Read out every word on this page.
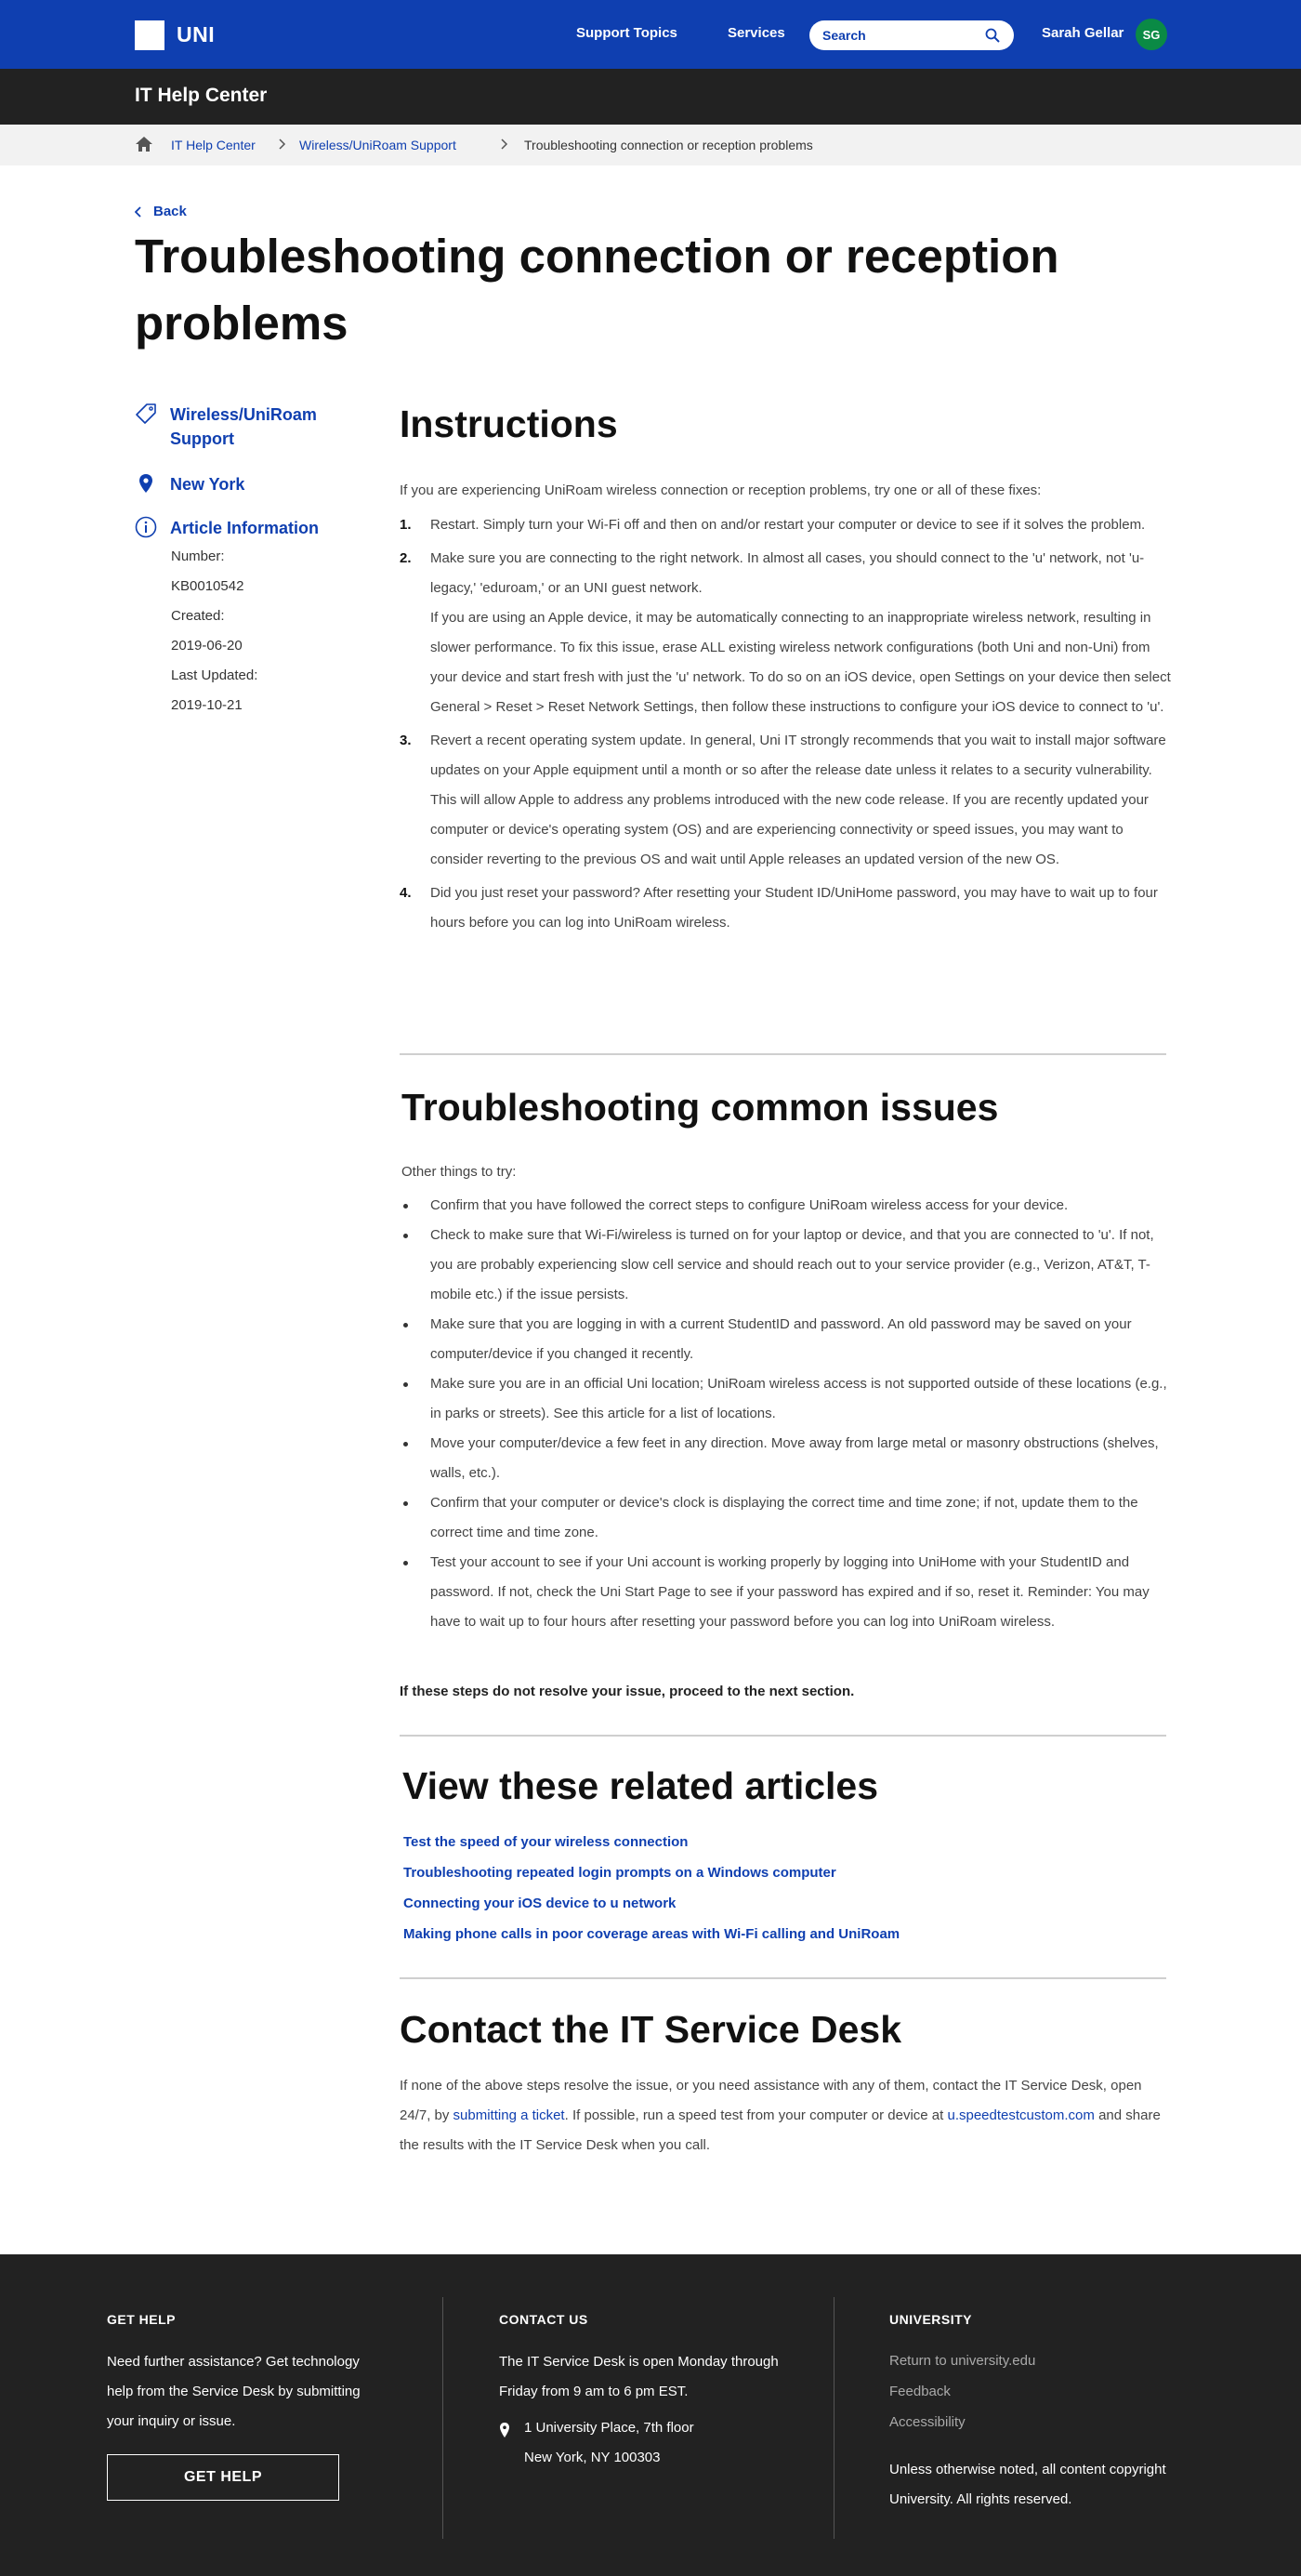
UNI	Support Topics	Services
Search	Sarah Gellar	SG
IT Help Center
IT Help Center	Wireless/UniRoam Support	Troubleshooting connection or reception problems
Back
Troubleshooting connection or reception problems
Wireless/UniRoam Support
New York
Article Information
Number:
KB0010542
Created:
2019-06-20
Last Updated:
2019-10-21
Instructions
If you are experiencing UniRoam wireless connection or reception problems, try one or all of these fixes:
1. Restart. Simply turn your Wi-Fi off and then on and/or restart your computer or device to see if it solves the problem.

2. Make sure you are connecting to the right network. In almost all cases, you should connect to the 'u' network, not 'u-legacy,' 'eduroam,' or an UNI guest network.

If you are using an Apple device, it may be automatically connecting to an inappropriate wireless network, resulting in slower performance. To fix this issue, erase ALL existing wireless network configurations (both Uni and non-Uni) from your device and start fresh with just the 'u' network. To do so on an iOS device, open Settings on your device then select General > Reset > Reset Network Settings, then follow these instructions to configure your iOS device to connect to 'u'.

3. Revert a recent operating system update. In general, Uni IT strongly recommends that you wait to install major software updates on your Apple equipment until a month or so after the release date unless it relates to a security vulnerability. This will allow Apple to address any problems introduced with the new code release. If you are recently updated your computer or device's operating system (OS) and are experiencing connectivity or speed issues, you may want to consider reverting to the previous OS and wait until Apple releases an updated version of the new OS.

4. Did you just reset your password? After resetting your Student ID/UniHome password, you may have to wait up to four hours before you can log into UniRoam wireless.

Troubleshooting common issues
Other things to try:
Confirm that you have followed the correct steps to configure UniRoam wireless access for your device.
Check to make sure that Wi-Fi/wireless is turned on for your laptop or device, and that you are connected to 'u'. If not, you are probably experiencing slow cell service and should reach out to your service provider (e.g., Verizon, AT&T, T-mobile etc.) if the issue persists.
Make sure that you are logging in with a current StudentID and password. An old password may be saved on your computer/device if you changed it recently.
Make sure you are in an official Uni location; UniRoam wireless access is not supported outside of these locations (e.g., in parks or streets). See this article for a list of locations.
Move your computer/device a few feet in any direction. Move away from large metal or masonry obstructions (shelves, walls, etc.).
Confirm that your computer or device's clock is displaying the correct time and time zone; if not, update them to the correct time and time zone.
Test your account to see if your Uni account is working properly by logging into UniHome with your StudentID and password. If not, check the Uni Start Page to see if your password has expired and if so, reset it. Reminder: You may have to wait up to four hours after resetting your password before you can log into UniRoam wireless.
If these steps do not resolve your issue, proceed to the next section.
View these related articles
Test the speed of your wireless connection
Troubleshooting repeated login prompts on a Windows computer
Connecting your iOS device to u network
Making phone calls in poor coverage areas with Wi-Fi calling and UniRoam
Contact the IT Service Desk
If none of the above steps resolve the issue, or you need assistance with any of them, contact the IT Service Desk, open 24/7, by submitting a ticket. If possible, run a speed test from your computer or device at u.speedtestcustom.com and share the results with the IT Service Desk when you call.
GET HELP
Need further assistance? Get technology help from the Service Desk by submitting your inquiry or issue.
GET HELP
CONTACT US
The IT Service Desk is open Monday through Friday from 9 am to 6 pm EST.
1 University Place, 7th floor
New York, NY 100303
UNIVERSITY
Return to university.edu
Feedback
Accessibility
Unless otherwise noted, all content copyright University. All rights reserved.
